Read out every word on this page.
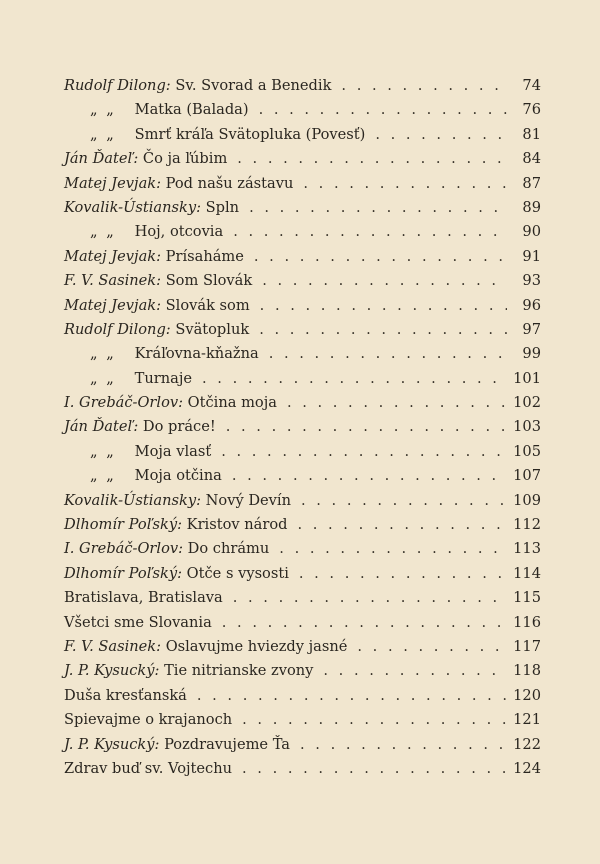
Rudolf Dilong: Sv. Svorad a Benedik . . .	74
„ „ Matka (Balada) . . .	76
„ „ Smrť kráľa Svätopluka (Povesť) . . .	81
Ján Ďateľ: Čo ja ľúbim . . .	84
Matej Jevjak: Pod našu zástavu . . .	87
Kovalik-Ústiansky: Spln . . .	89
„ „ Hoj, otcovia . . .	90
Matej Jevjak: Prísaháme . . .	91
F. V. Sasinek: Som Slovák . . .	93
Matej Jevjak: Slovák som . . .	96
Rudolf Dilong: Svätopluk . . .	97
„ „ Kráľovna-kňažna . . .	99
„ „ Turnaje . . .	101
I. Grebáč-Orlov: Otčina moja . . .	102
Ján Ďateľ: Do práce! . . .	103
„ „ Moja vlasť . . .	105
„ „ Moja otčina . . .	107
Kovalik-Ústiansky: Nový Devín . . .	109
Dlhomír Poľský: Kristov národ . . .	112
I. Grebáč-Orlov: Do chrámu . . .	113
Dlhomír Poľský: Otče s vysosti . . .	114
Bratislava, Bratislava . . .	115
Všetci sme Slovania . . .	116
F. V. Sasinek: Oslavujme hviezdy jasné . . .	117
J. P. Kysucký: Tie nitrianske zvony . . .	118
Duša kresťanská . . .	120
Spievajme o krajanoch . . .	121
J. P. Kysucký: Pozdravujeme Ťa . . .	122
Zdrav buď sv. Vojtechu . . .	124
